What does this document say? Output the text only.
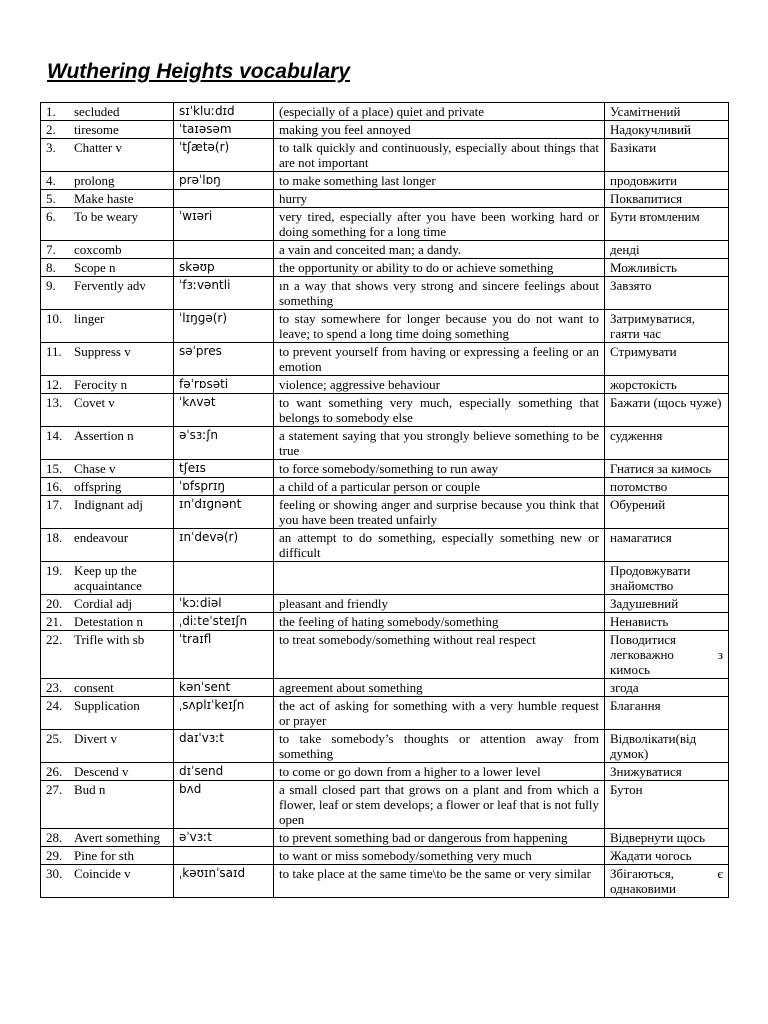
Wuthering Heights vocabulary
1. secluded	sɪˈkluːdɪd	(especially of a place) quiet and private	Усамітнений

2. tiresome	ˈtaɪəsəm	making you feel annoyed	Надокучливий

3. Chatter v	ˈtʃætə(r)	to talk quickly and continuously, especially about things that are not important	Базікати

4. prolong	prəˈlɒŋ	to make something last longer	продовжити

5. Make haste		hurry	Поквапитися

6. To be weary	ˈwɪəri	very tired, especially after you have been working hard or doing something for a long time	Бути втомленим

7. coxcomb		a vain and conceited man; a dandy.	денді

8. Scope n	skəʊp	the opportunity or ability to do or achieve something	Можливість

9. Fervently adv	ˈfɜːvəntli	ın a way that shows very strong and sincere feelings about something	Завзято

10. linger	ˈlɪŋɡə(r)	to stay somewhere for longer because you do not want to leave; to spend a long time doing something	Затримуватися, гаяти час

11. Suppress v	səˈpres	to prevent yourself from having or expressing a feeling or an emotion	Стримувати

12. Ferocity n	fəˈrɒsəti	violence; aggressive behaviour	жорстокість

13. Covet v	ˈkʌvət	to want something very much, especially something that belongs to somebody else	Бажати (щось чуже)

14. Assertion n	əˈsɜːʃn	a statement saying that you strongly believe something to be true	судження

15. Chase v	tʃeɪs	to force somebody/something to run away	Гнатися за кимось

16. offspring	ˈɒfsprɪŋ	a child of a particular person or couple	потомство

17. Indignant adj	ɪnˈdɪɡnənt	feeling or showing anger and surprise because you think that you have been treated unfairly	Обурений

18. endeavour	ɪnˈdevə(r)	an attempt to do something, especially something new or difficult	намагатися

19. Keep up the acquaintance			Продовжувати знайомство

20. Cordial adj	ˈkɔːdiəl	pleasant and friendly	Задушевний

21. Detestation n	ˌdiːteˈsteɪʃn	the feeling of hating somebody/something	Ненависть

22. Trifle with sb	ˈtraɪfl	to treat somebody/something without real respect	Поводитися легковажно з кимось

23. consent	kənˈsent	agreement about something	згода

24. Supplication	ˌsʌplɪˈkeɪʃn	the act of asking for something with a very humble request or prayer	Благання

25. Divert v	daɪˈvɜːt	to take somebody’s thoughts or attention away from something	Відволікати(від думок)

26. Descend v	dɪˈsend	to come or go down from a higher to a lower level	Знижуватися

27. Bud n	bʌd	a small closed part that grows on a plant and from which a flower, leaf or stem develops; a flower or leaf that is not fully open	Бутон

28. Avert something	əˈvɜːt	to prevent something bad or dangerous from happening	Відвернути щось

29. Pine for sth		to want or miss somebody/something very much	Жадати чогось

30. Coincide v	ˌkəʊɪnˈsaɪd	to take place at the same time\to be the same or very similar	Збігаються, є однаковими
